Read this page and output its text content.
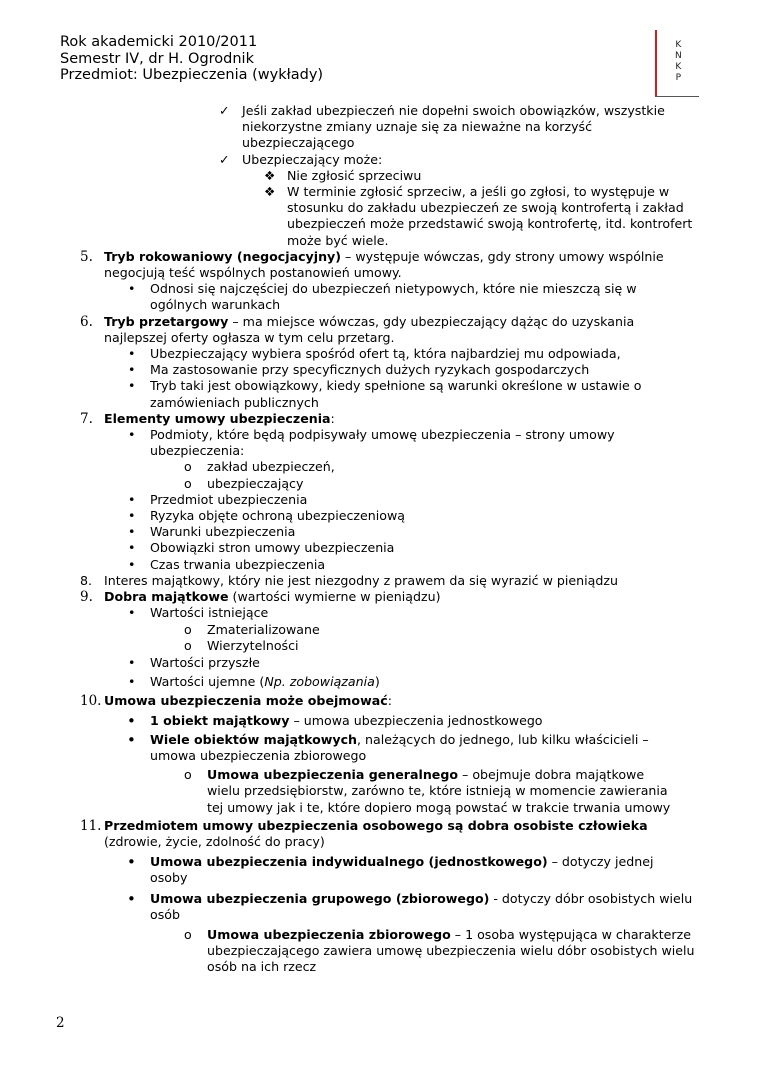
Rok akademicki 2010/2011
Semestr IV, dr H. Ogrodnik
Przedmiot: Ubezpieczenia (wykłady)
K
N
K
P
✓ Jeśli zakład ubezpieczeń nie dopełni swoich obowiązków, wszystkie niekorzystne zmiany uznaje się za nieważne na korzyść ubezpieczającego
✓ Ubezpieczający może:
❖ Nie zgłosić sprzeciwu
❖ W terminie zgłosić sprzeciw, a jeśli go zgłosi, to występuje w stosunku do zakładu ubezpieczeń ze swoją kontrofertą i zakład ubezpieczeń może przedstawić swoją kontrofertę, itd. kontrofert może być wiele.
5. Tryb rokowaniowy (negocjacyjny) – występuje wówczas, gdy strony umowy wspólnie negocjują teść wspólnych postanowień umowy.
• Odnosi się najczęściej do ubezpieczeń nietypowych, które nie mieszczą się w ogólnych warunkach
6. Tryb przetargowy – ma miejsce wówczas, gdy ubezpieczający dążąc do uzyskania najlepszej oferty ogłasza w tym celu przetarg.
• Ubezpieczający wybiera spośród ofert tą, która najbardziej mu odpowiada,
• Ma zastosowanie przy specyficznych dużych ryzykach gospodarczych
• Tryb taki jest obowiązkowy, kiedy spełnione są warunki określone w ustawie o zamówieniach publicznych
7. Elementy umowy ubezpieczenia:
• Podmioty, które będą podpisywały umowę ubezpieczenia – strony umowy ubezpieczenia:
o zakład ubezpieczeń,
o ubezpieczający
• Przedmiot ubezpieczenia
• Ryzyka objęte ochroną ubezpieczeniową
• Warunki ubezpieczenia
• Obowiązki stron umowy ubezpieczenia
• Czas trwania ubezpieczenia
8. Interes majątkowy, który nie jest niezgodny z prawem da się wyrazić w pieniądzu
9. Dobra majątkowe (wartości wymierne w pieniądzu)
• Wartości istniejące
o Zmaterializowane
o Wierzytelności
• Wartości przyszłe
• Wartości ujemne (Np. zobowiązania)
10. Umowa ubezpieczenia może obejmować:
• 1 obiekt majątkowy – umowa ubezpieczenia jednostkowego
• Wiele obiektów majątkowych, należących do jednego, lub kilku właścicieli – umowa ubezpieczenia zbiorowego
o Umowa ubezpieczenia generalnego – obejmuje dobra majątkowe wielu przedsiębiorstw, zarówno te, które istnieją w momencie zawierania tej umowy jak i te, które dopiero mogą powstać w trakcie trwania umowy
11. Przedmiotem umowy ubezpieczenia osobowego są dobra osobiste człowieka (zdrowie, życie, zdolność do pracy)
• Umowa ubezpieczenia indywidualnego (jednostkowego) – dotyczy jednej osoby
• Umowa ubezpieczenia grupowego (zbiorowego) - dotyczy dóbr osobistych wielu osób
o Umowa ubezpieczenia zbiorowego – 1 osoba występująca w charakterze ubezpieczającego zawiera umowę ubezpieczenia wielu dóbr osobistych wielu osób na ich rzecz
2
